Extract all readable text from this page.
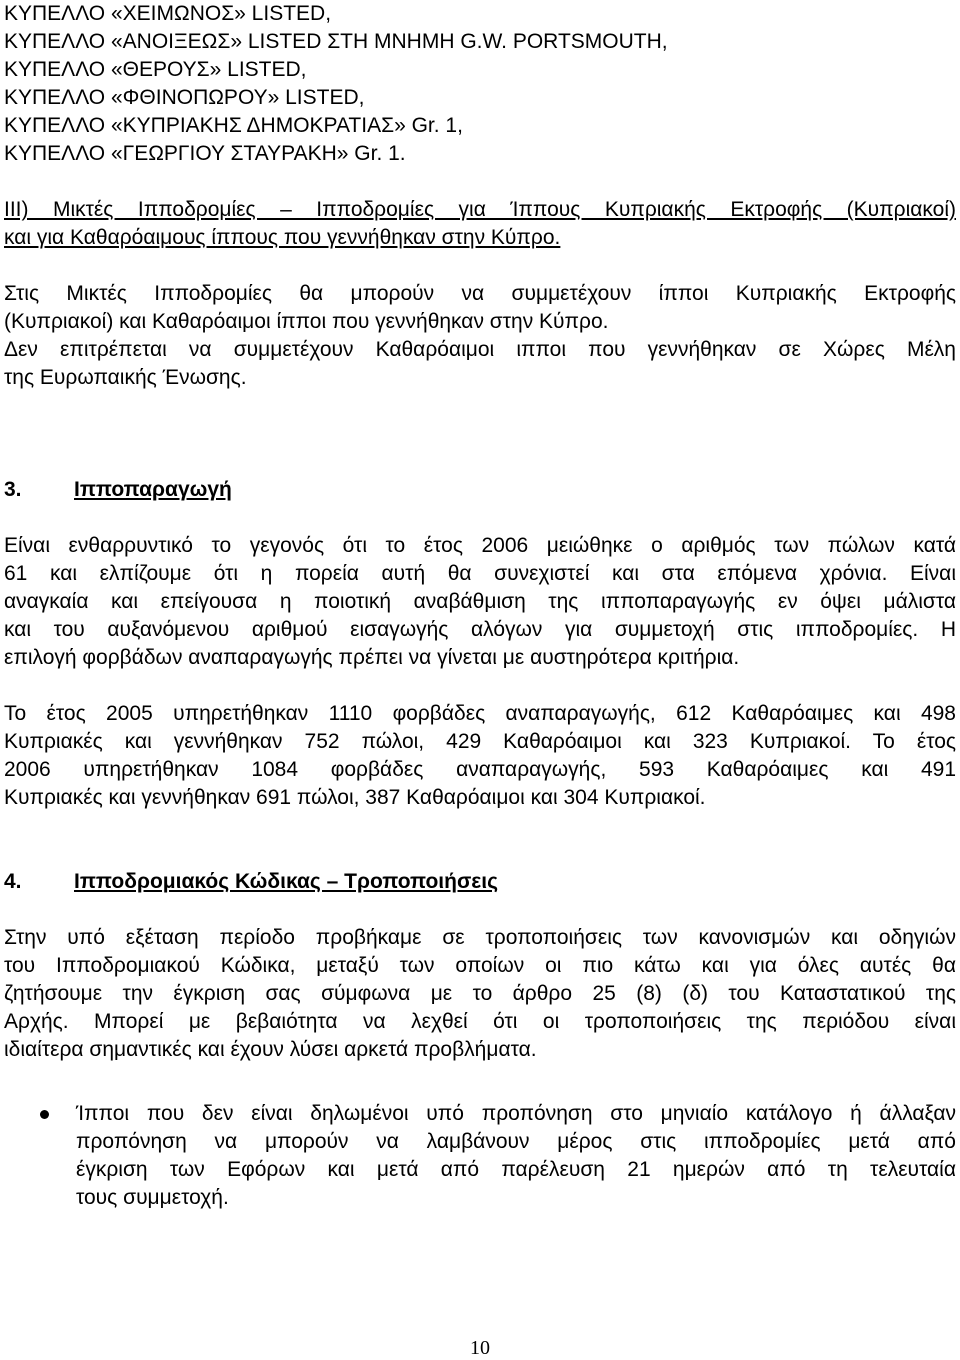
ΚΥΠΕΛΛΟ «ΧΕΙΜΩΝΟΣ» LISTED,
ΚΥΠΕΛΛΟ «ΑΝΟΙΞΕΩΣ» LISTED ΣΤΗ ΜΝΗΜΗ G.W. PORTSMOUTH,
ΚΥΠΕΛΛΟ «ΘΕΡΟΥΣ» LISTED,
ΚΥΠΕΛΛΟ «ΦΘΙΝΟΠΩΡΟΥ» LISTED,
ΚΥΠΕΛΛΟ «ΚΥΠΡΙΑΚΗΣ ΔΗΜΟΚΡΑΤΙΑΣ» Gr. 1,
ΚΥΠΕΛΛΟ «ΓΕΩΡΓΙΟΥ ΣΤΑΥΡΑΚΗ» Gr. 1.
ΙΙΙ) Μικτές Ιπποδρομίες – Ιπποδρομίες για Ίππους Κυπριακής Εκτροφής (Κυπριακοί)
και για Καθαρόαιμους ίππους που γεννήθηκαν στην Κύπρο.
Στις Μικτές Ιπποδρομίες θα μπορούν να συμμετέχουν ίπποι Κυπριακής Εκτροφής
(Κυπριακοί) και Καθαρόαιμοι ίπποι που γεννήθηκαν στην Κύπρο.
Δεν επιτρέπεται να συμμετέχουν Καθαρόαιμοι ιπποι που γεννήθηκαν σε Χώρες Μέλη
της Ευρωπαικής Ένωσης.
3. Ιπποπαραγωγή
Είναι ενθαρρυντικό το γεγονός ότι το έτος 2006 μειώθηκε ο αριθμός των πώλων κατά
61 και ελπίζουμε ότι η πορεία αυτή θα συνεχιστεί και στα επόμενα χρόνια. Είναι
αναγκαία και επείγουσα η ποιοτική αναβάθμιση της ιπποπαραγωγής εν όψει μάλιστα
και του αυξανόμενου αριθμού εισαγωγής αλόγων για συμμετοχή στις ιπποδρομίες. Η
επιλογή φορβάδων αναπαραγωγής πρέπει να γίνεται με αυστηρότερα κριτήρια.
Το έτος 2005 υπηρετήθηκαν 1110 φορβάδες αναπαραγωγής, 612 Καθαρόαιμες και 498
Κυπριακές και γεννήθηκαν 752 πώλοι, 429 Καθαρόαιμοι και 323 Κυπριακοί. Το έτος
2006 υπηρετήθηκαν 1084 φορβάδες αναπαραγωγής, 593 Καθαρόαιμες και 491
Κυπριακές και γεννήθηκαν 691 πώλοι, 387 Καθαρόαιμοι και 304 Κυπριακοί.
4. Ιπποδρομιακός Κώδικας – Τροποποιήσεις
Στην υπό εξέταση περίοδο προβήκαμε σε τροποποιήσεις των κανονισμών και οδηγιών
του Ιπποδρομιακού Κώδικα, μεταξύ των οποίων οι πιο κάτω και για όλες αυτές θα
ζητήσουμε την έγκριση σας σύμφωνα με το άρθρο 25 (8) (δ) του Καταστατικού της
Αρχής. Μπορεί με βεβαιότητα να λεχθεί ότι οι τροποποιήσεις της περιόδου είναι
ιδιαίτερα σημαντικές και έχουν λύσει αρκετά προβλήματα.
Ίπποι που δεν είναι δηλωμένοι υπό προπόνηση στο μηνιαίο κατάλογο ή άλλαξαν
προπόνηση να μπορούν να λαμβάνουν μέρος στις ιπποδρομίες μετά από
έγκριση των Εφόρων και μετά από παρέλευση 21 ημερών από τη τελευταία
τους συμμετοχή.
10
